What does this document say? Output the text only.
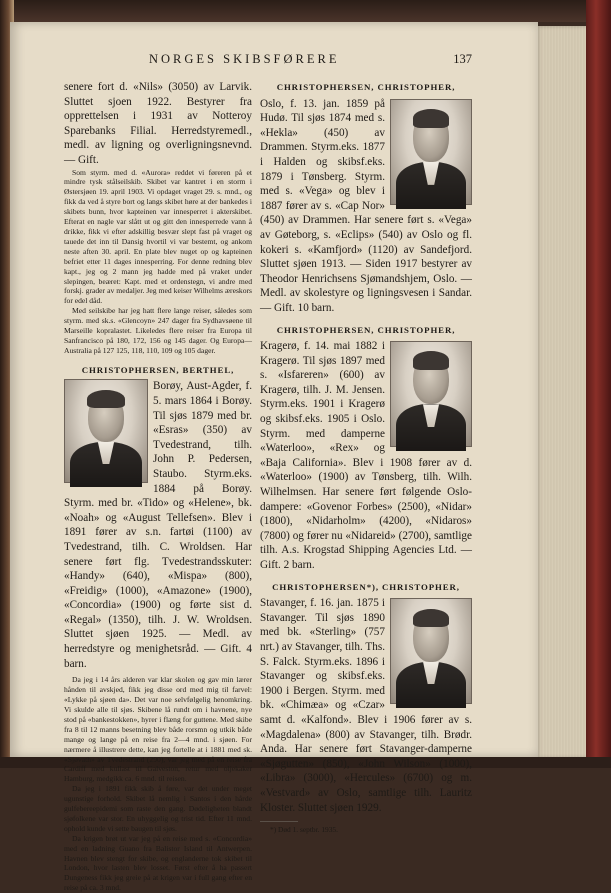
NORGES SKIBSFØRERE	137

senere fort d. «Nils» (3050) av Larvik. Sluttet sjoen 1922. Bestyrer fra opprettelsen i 1931 av Notteroy Sparebanks Filial. Herredstyremedl., medl. av ligning og overligningsnevnd. — Gift.

Som styrm. med d. «Aurora» reddet vi føreren på et mindre tysk stålseilskib. Skibet var kantret i en storm i Østersjøen 19. april 1903. Vi opdaget vraget 29. s. mnd., og fikk da ved å styre bort og langs skibet høre at der bankedes i skibets bunn, hvor kapteinen var innesperret i akterskibet. Efterat en nagle var slått ut og gitt den innesperrede vann å drikke, fikk vi efter adskillig besvær slept fast på vraget og tauede det inn til Dansig hvortil vi var bestemt, og ankom neste aften 30. april. En plate blev nuget op og kapteinen befriet etter 11 dages innesperring. For denne redning blev kapt., jeg og 2 mann jeg hadde med på vraket under slepingen, beæret: Kapt. med et ordenstegn, vi andre med forskj. grader av medaljer. Jeg med keiser Wilhelms æreskors for edel dåd.

Med seilskibe har jeg hatt flere lange reiser, således som styrm. med sk.s. «Glencoyn» 247 dager fra Sydhavsøene til Marseille kopralastet. Likeledes flere reiser fra Europa til Sanfrancisco på 180, 172, 156 og 145 dager. Og Europa—Australia på 127 125, 118, 110, 109 og 105 dager.

CHRISTOPHERSEN, BERTHEL,

Borøy, Aust-Agder, f. 5. mars 1864 i Borøy. Til sjøs 1879 med br. «Esras» (350) av Tvedestrand, tilh. John P. Pedersen, Staubo. Styrm.eks. 1884 på Borøy. Styrm. med br. «Tido» og «Helene», bk. «Noah» og «August Tellefsen». Blev i 1891 fører av s.n. fartøi (1100) av Tvedestrand, tilh. C. Wroldsen. Har senere ført flg. Tvedestrandsskuter: «Handy» (640), «Mispa» (800), «Freidig» (1000), «Amazone» (1900), «Concordia» (1900) og førte sist d. «Regal» (1350), tilh. J. W. Wroldsen. Sluttet sjøen 1925. — Medl. av herredstyre og menighetsråd. — Gift. 4 barn.

Da jeg i 14 års alderen var klar skolen og gav min lærer hånden til avskjed, fikk jeg disse ord med mig til farvel: «Lykke på sjøen da». Det var noe selvfølgelig henomkring. Vi skulde alle til sjøs. Skibene lå rundt om i havnene, nye stod på «bankestokken», hyrer i flæng for guttene. Med skibe fra 8 til 12 manns besetning blev både rorsmn og utkik både mange og lange på en reise fra 2—4 mnd. i sjøen. For nærmere å illustrere dette, kan jeg fortelle at i 1881 med sk. «Sjøvath» av Tvedestrand (290), var jeg med på en reise fra Cardiff med kullast til Galveston, retur med oljekaker Hamburg, medgikk ca. 6 mnd. til reisen.

Da jeg i 1891 fikk skib å føre, var det under meget ugunstige forhold. Skibet lå nemlig i Santos i den hårde gulfebereepidemi som raste den gang. Dødeligheten blandt sjøfolkene var stor. En uhyggelig og trist tid. Efter 11 mnd. ophold kunde vi sette baugen til sjøs.

Da krigen brøt ut var jeg på en reise med s. «Concordia» med en ladning Guano fra Balistor Island til Antwerpen. Havnen blev stengt for skibe, og englanderne tok skibet til London, hvor lasten blev losset. Først efter å ha passert Dungeness fikk jeg greie på at krigen var i full gang efter en reise på ca. 3 mnd.

CHRISTOPHERSEN, CHRISTOPHER,

Oslo, f. 13. jan. 1859 på Hudø. Til sjøs 1874 med s. «Hekla» (450) av Drammen. Styrm.eks. 1877 i Halden og skibsf.eks. 1879 i Tønsberg. Styrm. med s. «Vega» og blev i 1887 fører av s. «Cap Nor» (450) av Drammen. Har senere ført s. «Vega» av Gøteborg, s. «Eclips» (540) av Oslo og fl. kokeri s. «Kamfjord» (1120) av Sandefjord. Sluttet sjøen 1913. — Siden 1917 bestyrer av Theodor Henrichsens Sjømandshjem, Oslo. — Medl. av skolestyre og ligningsvesen i Sandar. — Gift. 10 barn.

CHRISTOPHERSEN, CHRISTOPHER,

Kragerø, f. 14. mai 1882 i Kragerø. Til sjøs 1897 med s. «Isfareren» (600) av Kragerø, tilh. J. M. Jensen. Styrm.eks. 1901 i Kragerø og skibsf.eks. 1905 i Oslo. Styrm. med damperne «Waterloo», «Rex» og «Baja California». Blev i 1908 fører av d. «Waterloo» (1900) av Tønsberg, tilh. Wilh. Wilhelmsen. Har senere ført følgende Oslo-dampere: «Govenor Forbes» (2500), «Nidar» (1800), «Nidarholm» (4200), «Nidaros» (7800) og fører nu «Nidareid» (2700), samtlige tilh. A.s. Krogstad Shipping Agencies Ltd. — Gift. 2 barn.

CHRISTOPHERSEN*), CHRISTOPHER,

Stavanger, f. 16. jan. 1875 i Stavanger. Til sjøs 1890 med bk. «Sterling» (757 nrt.) av Stavanger, tilh. Ths. S. Falck. Styrm.eks. 1896 i Stavanger og skibsf.eks. 1900 i Bergen. Styrm. med bk. «Chimæa» og «Czar» samt d. «Kalfond». Blev i 1906 fører av s. «Magdalena» (800) av Stavanger, tilh. Brødr. Anda. Har senere ført Stavanger-damperne «Sjøgutten» (850), «John Wilson» (1000), «Libra» (3000), «Hercules» (6700) og m. «Vestvard» av Oslo, samtlige tilh. Lauritz Kloster. Sluttet sjøen 1929.

*) Død 1. septbr. 1935.
